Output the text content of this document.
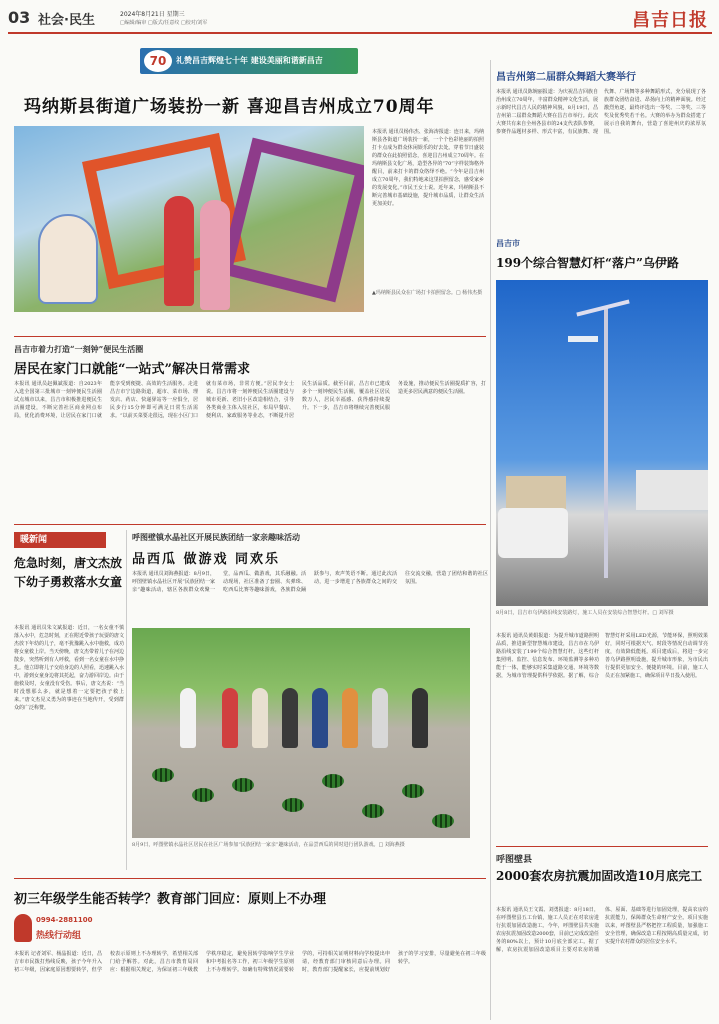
03 社会·民生	2024年8月21日 星期三
□编辑/编审 □版式/任意纹 □校对/刘军	昌吉日报
70	礼赞昌吉辉煌七十年 建设美丽和谐新昌吉
玛纳斯县街道广场装扮一新 喜迎昌吉州成立70周年
本报讯 通讯员杨伟杰、张海涛报道：连日来，玛纳斯县各街道广场装扮一新，一个个色彩艳丽的拍照打卡点成为群众休闲娱乐的好去处。穿着节日盛装的群众在此拍照留念，喜迎昌吉州成立70周年。在玛纳斯县文化广场，造型各异的“70”字样装饰格外醒目，前来打卡的群众络绎不绝。“今年是昌吉州成立70周年，我们特地来这里拍照留念，感受家乡的发展变化。”市民王女士说。近年来，玛纳斯县不断完善城市基础设施，提升城市品质，让群众生活更加美好。
▲玛纳斯县民众在广场打卡拍照留念。□ 杨伟杰摄
昌吉州第二届群众舞蹈大赛举行
本报讯 通讯员陈婉丽报道：为庆祝昌吉回族自治州成立70周年，丰富群众精神文化生活，展示新时代昌吉人民的精神风貌，8月19日，昌吉州第二届群众舞蹈大赛在昌吉市举行。此次大赛共有来自全州各县市的24支代表队参赛，参赛作品题材多样、形式丰富，有民族舞、现代舞、广场舞等多种舞蹈形式，充分展现了各族群众团结奋进、昂扬向上的精神面貌。经过激烈角逐，最终评选出一等奖、二等奖、三等奖及优秀奖若干名。大赛的举办为群众搭建了展示自我的舞台，营造了喜迎州庆的浓厚氛围。
昌吉市着力打造“一刻钟”便民生活圈
居民在家门口就能“一站式”解决日常需求
本报讯 通讯员赵佩斌报道：自2023年入选全国第三批城市一刻钟便民生活圈试点城市以来，昌吉市积极推进便民生活圈建设，不断完善社区商业网点布局，优化消费环境，让居民在家门口就能享受到便捷、高效的生活服务。走进昌吉市宁边路街道，超市、菜市场、理发店、药店、快递驿站等一应俱全，居民步行15分钟即可满足日常生活需求。“以前买菜要走很远，现在小区门口就有菜市场，非常方便。”居民李女士说。昌吉市将一刻钟便民生活圈建设与城市更新、老旧小区改造相结合，引导各类商业主体入驻社区，布局早餐店、便利店、家政服务等业态，不断提升居民生活品质。截至目前，昌吉市已建成多个一刻钟便民生活圈，覆盖社区居民数万人，居民幸福感、获得感持续提升。下一步，昌吉市将继续完善便民服务设施，推动便民生活圈提质扩容，打造更多居民满意的便民生活圈。
昌吉市
199个综合智慧灯杆“落户”乌伊路
8月8日，昌吉市乌伊路沿线安装路灯，施工人员在安装综合智慧灯杆。□ 刘军摄
本报讯 通讯员黄娟报道：为提升城市道路照明品质，推进新型智慧城市建设，昌吉市在乌伊路沿线安装了199个综合智慧灯杆。这些灯杆集照明、监控、信息发布、环境监测等多种功能于一体，能够实时采集道路交通、环境等数据，为城市管理提供科学依据。据了解，综合智慧灯杆采用LED光源，节能环保，照明效果好，同时可根据天气、时段等情况自动调节亮度，有效降低能耗。项目建成后，将进一步完善乌伊路照明设施，提升城市形象，为市民出行提供更加安全、便捷的环境。目前，施工人员正在加紧施工，确保项目早日投入使用。
暖新闻
危急时刻，唐文杰放下幼子勇救落水女童
本报讯 通讯员朱文斌报道：近日，一名女童不慎落入水中，危急时刻，正在附近带孩子玩耍的唐文杰放下年幼的儿子，毫不犹豫跳入水中施救，成功将女童救上岸。当天傍晚，唐文杰带着儿子在河边散步，突然听到有人呼救，看到一名女童在水中挣扎。他立即将儿子交给身边的人照看，迅速跳入水中，游到女童身边将其托起，奋力游回岸边。由于施救及时，女童没有受伤。事后，唐文杰说：“当时没想那么多，就是想着一定要把孩子救上来。”唐文杰见义勇为的事迹在当地传开，受到群众的广泛称赞。
呼图壁镇水晶社区开展民族团结一家亲趣味活动
品西瓜 做游戏 同欢乐
本报讯 通讯员刘海燕报道：8月9日，呼图壁镇水晶社区开展“民族团结一家亲”趣味活动，辖区各族群众欢聚一堂，品西瓜、做游戏，其乐融融。活动现场，社区准备了套圈、夹弹珠、吃西瓜比赛等趣味游戏，各族群众踊跃参与，欢声笑语不断。通过此次活动，进一步增进了各族群众之间的交往交流交融，营造了团结和谐的社区氛围。
8月9日，呼图壁镇水晶社区居民在社区广场参加“民族团结一家亲”趣味活动，在品尝西瓜的同时进行团队游戏。□ 刘海燕摄
初三年级学生能否转学？教育部门回应：原则上不办理
0994-2881100
热线行动组
本报讯 记者刘军、杨晶报道：近日，昌吉市市民拨打热线反映，孩子今年升入初三年级，因家庭原因想要转学，但学校表示原则上不办理转学，希望相关部门给予解答。对此，昌吉市教育局回应：根据相关规定，为保证初三年级教学秩序稳定，避免因转学影响学生学业和中考报名等工作，初三年级学生原则上不办理转学。如确有特殊情况需要转学的，可持相关证明材料向学校提出申请，经教育部门审核同意后办理。同时，教育部门提醒家长，应提前规划好孩子的学习安排，尽量避免在初三年级转学。
呼图壁县
2000套农房抗震加固改造10月底完工
本报讯 通讯员王文霞、刘勇报道：8月18日，在呼图壁县五工台镇，施工人员正在对农房进行抗震加固改造施工。今年，呼图壁县共实施农房抗震加固改造2000套，目前已完成改造任务的80%以上，预计10月底全部完工。据了解，农房抗震加固改造项目主要对农房的墙体、屋面、基础等进行加固处理，提高农房的抗震能力，保障群众生命财产安全。项目实施以来，呼图壁县严格把控工程质量，加强施工安全管理，确保改造工程按期高质量完成，切实提升农村群众的居住安全水平。
